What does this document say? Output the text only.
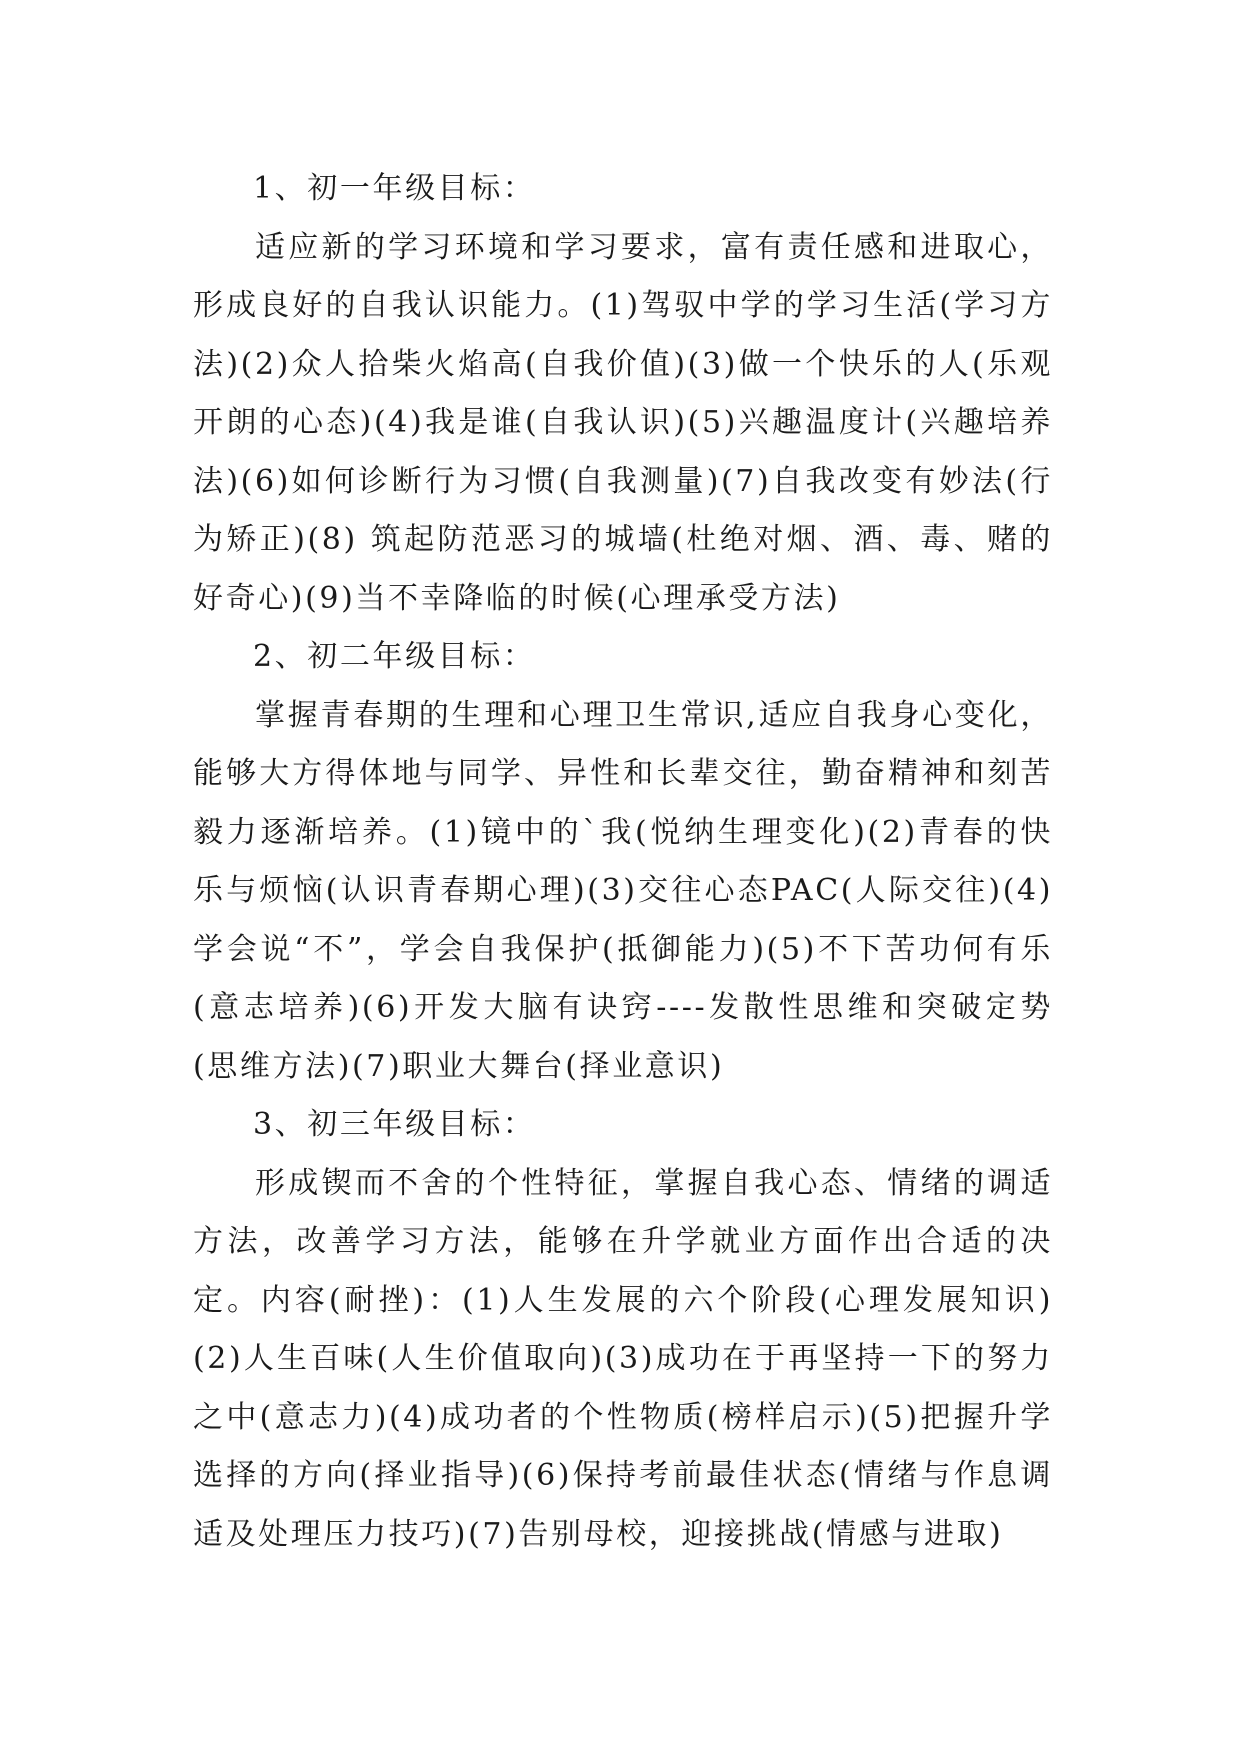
1、初一年级目标：

适应新的学习环境和学习要求，富有责任感和进取心，形成良好的自我认识能力。(1)驾驭中学的学习生活(学习方法)(2)众人拾柴火焰高(自我价值)(3)做一个快乐的人(乐观开朗的心态)(4)我是谁(自我认识)(5)兴趣温度计(兴趣培养法)(6)如何诊断行为习惯(自我测量)(7)自我改变有妙法(行为矫正)(8) 筑起防范恶习的城墙(杜绝对烟、酒、毒、赌的好奇心)(9)当不幸降临的时候(心理承受方法)

2、初二年级目标：

掌握青春期的生理和心理卫生常识,适应自我身心变化，能够大方得体地与同学、异性和长辈交往，勤奋精神和刻苦毅力逐渐培养。(1)镜中的`我(悦纳生理变化)(2)青春的快乐与烦恼(认识青春期心理)(3)交往心态PAC(人际交往)(4)学会说“不”，学会自我保护(抵御能力)(5)不下苦功何有乐(意志培养)(6)开发大脑有诀窍----发散性思维和突破定势(思维方法)(7)职业大舞台(择业意识)

3、初三年级目标：

形成锲而不舍的个性特征，掌握自我心态、情绪的调适方法，改善学习方法，能够在升学就业方面作出合适的决定。内容(耐挫)：(1)人生发展的六个阶段(心理发展知识)(2)人生百味(人生价值取向)(3)成功在于再坚持一下的努力之中(意志力)(4)成功者的个性物质(榜样启示)(5)把握升学选择的方向(择业指导)(6)保持考前最佳状态(情绪与作息调适及处理压力技巧)(7)告别母校，迎接挑战(情感与进取)
